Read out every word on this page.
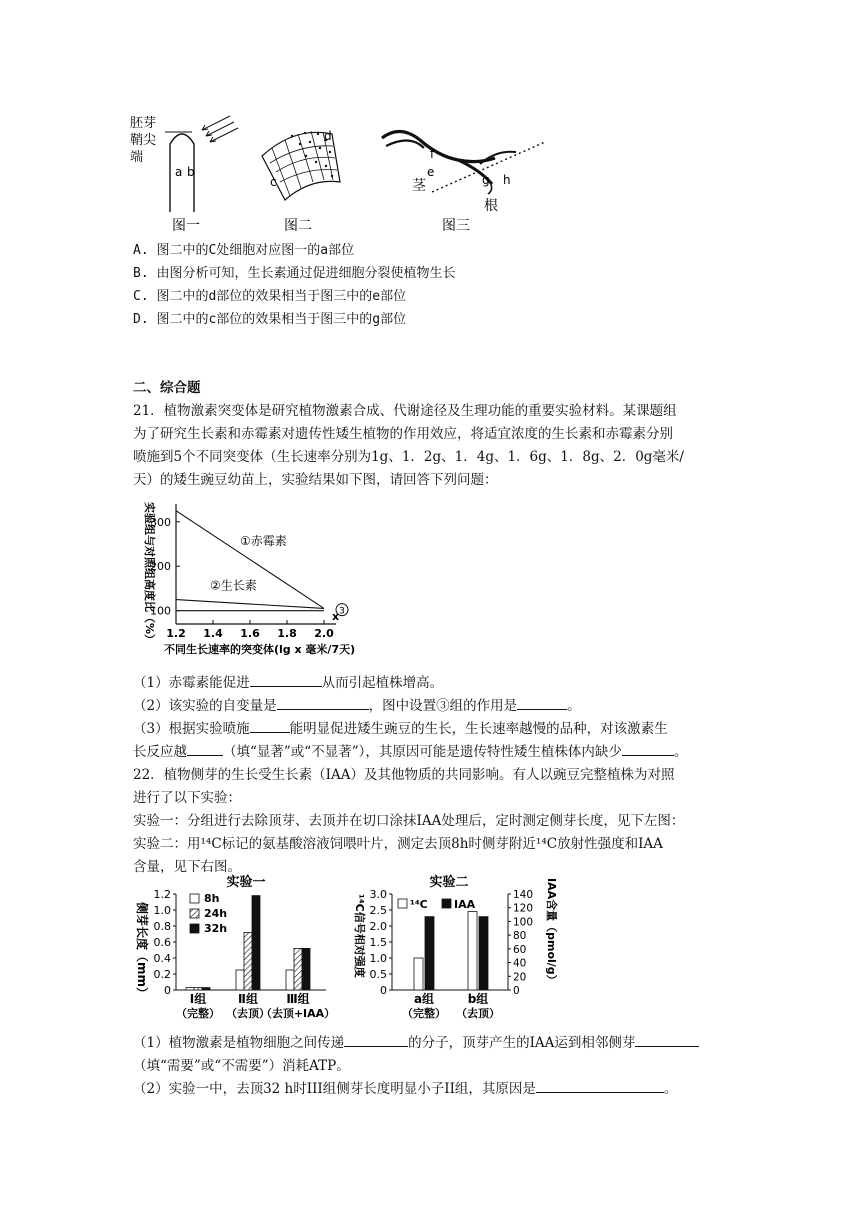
胚芽
鞘尖
端
a b
图一
d
c
图二
f
e
茎	g h
根
图三
A. 图二中的C处细胞对应图一的a部位
B. 由图分析可知，生长素通过促进细胞分裂使植物生长
C. 图二中的d部位的效果相当于图三中的e部位
D. 图二中的c部位的效果相当于图三中的g部位
二、综合题
21．植物激素突变体是研究植物激素合成、代谢途径及生理功能的重要实验材料。某课题组
为了研究生长素和赤霉素对遗传性矮生植物的作用效应，将适宜浓度的生长素和赤霉素分别
喷施到5个不同突变体（生长速率分别为1g、1．2g、1．4g、1．6g、1．8g、2．0g毫米/
天）的矮生豌豆幼苗上，实验结果如下图，请回答下列问题：
实验组与对照组高度比（%）	①赤霉素
②生长素
3
100
200
300
1.2 1.4 1.6 1.8 2.0
x
不同生长速率的突变体(lg x 毫米/7天)
（1）赤霉素能促进	从而引起植株增高。
（2）该实验的自变量是	，图中设置③组的作用是	。
（3）根据实验喷施	能明显促进矮生豌豆的生长，生长速率越慢的品种，对该激素生
长反应越	（填“显著”或“不显著”），其原因可能是遗传特性矮生植株体内缺少	。
22．植物侧芽的生长受生长素（IAA）及其他物质的共同影响。有人以豌豆完整植株为对照
进行了以下实验：
实验一：分组进行去除顶芽、去顶并在切口涂抹IAA处理后，定时测定侧芽长度，见下左图：
实验二：用¹⁴C标记的氨基酸溶液饲喂叶片，测定去顶8h时侧芽附近¹⁴C放射性强度和IAA
含量，见下右图。
实验一
0
0.2
0.4
0.6
0.8
1.0
1.2
侧芽长度（mm）	Ⅰ组
（完整）
Ⅱ组
（去顶）
Ⅲ组
（去顶+IAA）
8h
24h
32h
实验二
0
0.5
1.0
1.5
2.0
2.5
3.0
0
20
40
60
80
100
120
140
¹⁴C信号相对强度	IAA含量（pmol/g）
a组
（完整）
b组
（去顶）
¹⁴C IAA
（1）植物激素是植物细胞之间传递	的分子，顶芽产生的IAA运到相邻侧芽
（填“需要”或“不需要”）消耗ATP。
（2）实验一中，去顶32 h时III组侧芽长度明显小子II组，其原因是	。
